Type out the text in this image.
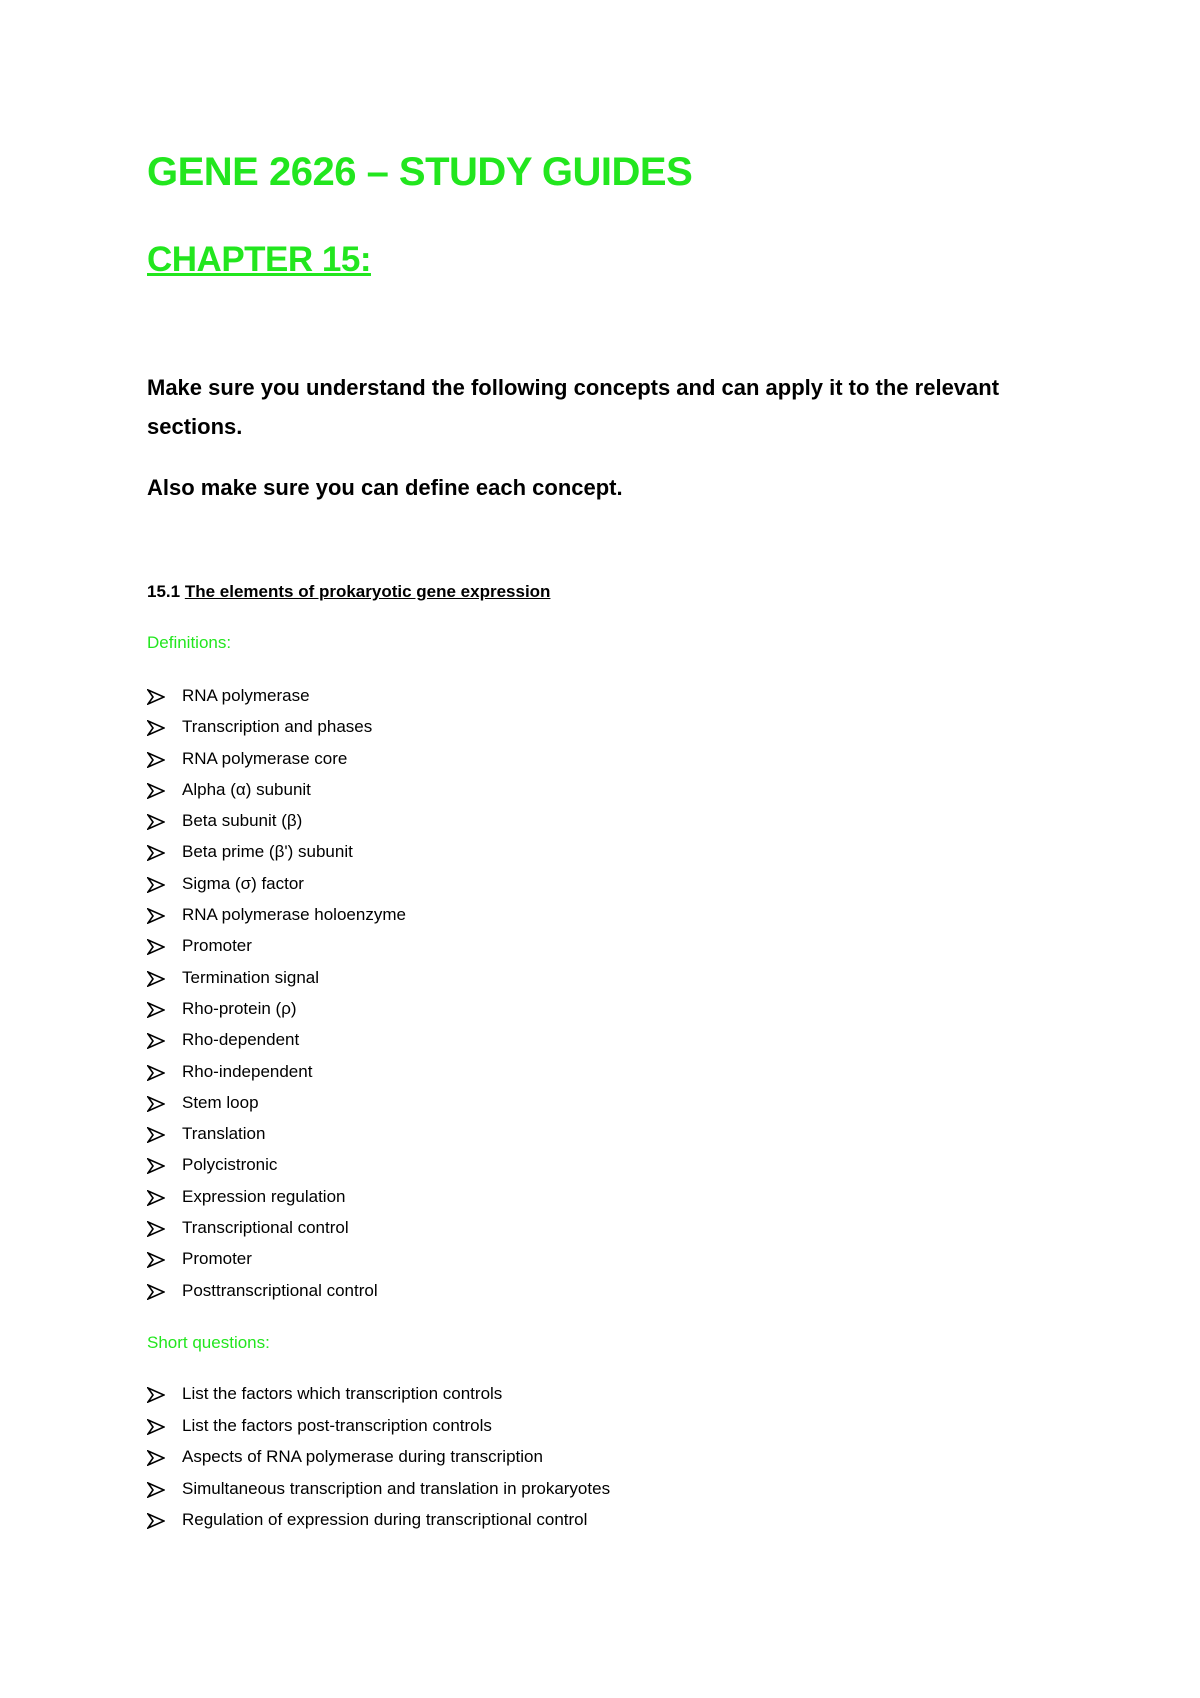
GENE 2626 – STUDY GUIDES
CHAPTER 15:

Make sure you understand the following concepts and can apply it to the relevant sections.

Also make sure you can define each concept.

15.1 The elements of prokaryotic gene expression

Definitions:

RNA polymerase
Transcription and phases
RNA polymerase core
Alpha (α) subunit
Beta subunit (β)
Beta prime (β') subunit
Sigma (σ) factor
RNA polymerase holoenzyme
Promoter
Termination signal
Rho-protein (ρ)
Rho-dependent
Rho-independent
Stem loop
Translation
Polycistronic
Expression regulation
Transcriptional control
Promoter
Posttranscriptional control

Short questions:

List the factors which transcription controls
List the factors post-transcription controls
Aspects of RNA polymerase during transcription
Simultaneous transcription and translation in prokaryotes
Regulation of expression during transcriptional control
